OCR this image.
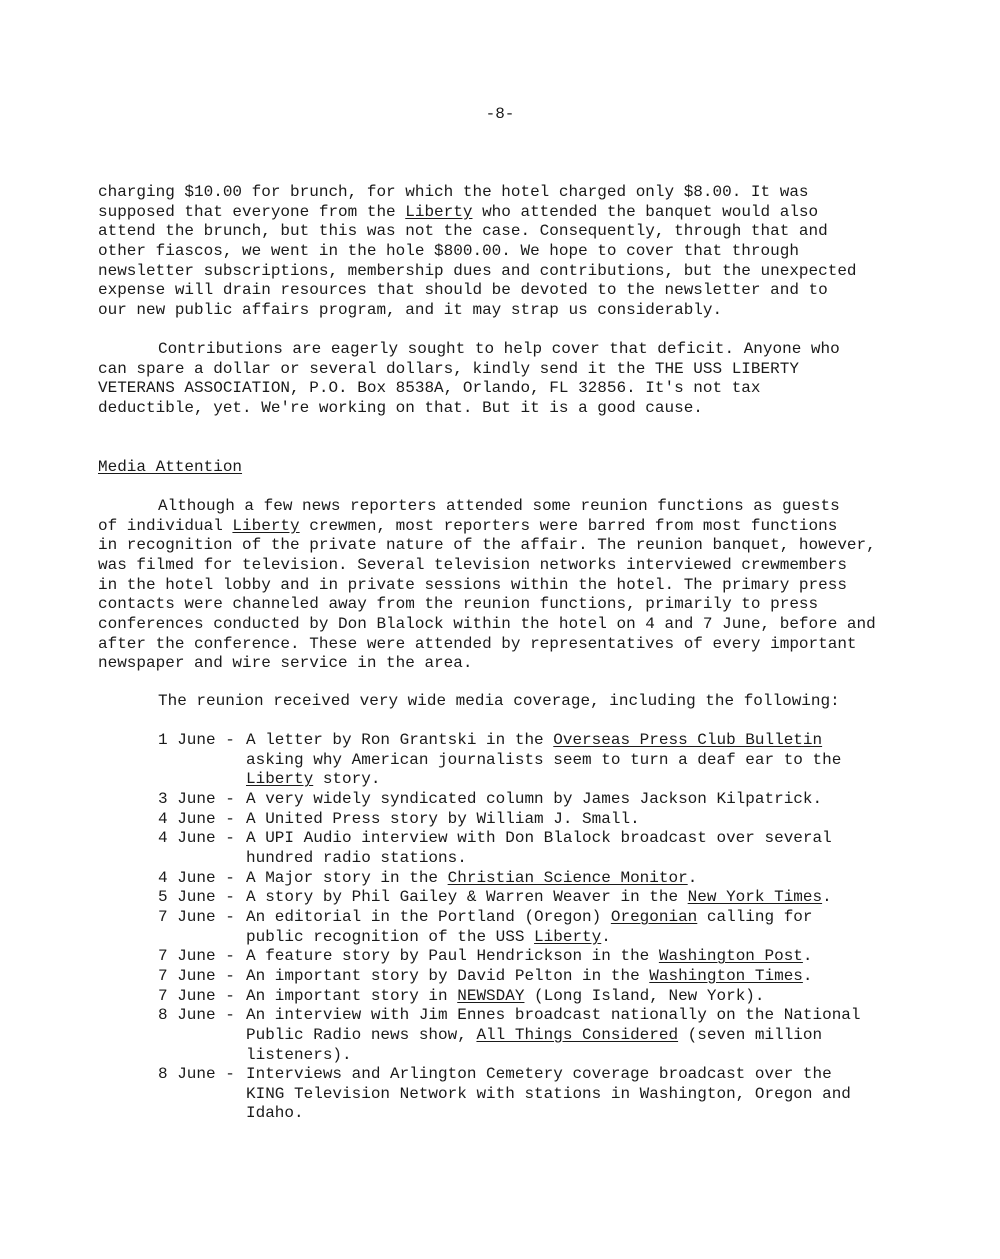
-8-
charging $10.00 for brunch, for which the hotel charged only $8.00. It was
supposed that everyone from the Liberty who attended the banquet would also
attend the brunch, but this was not the case. Consequently, through that and
other fiascos, we went in the hole $800.00. We hope to cover that through
newsletter subscriptions, membership dues and contributions, but the unexpected
expense will drain resources that should be devoted to the newsletter and to
our new public affairs program, and it may strap us considerably.
Contributions are eagerly sought to help cover that deficit. Anyone who
can spare a dollar or several dollars, kindly send it the THE USS LIBERTY
VETERANS ASSOCIATION, P.O. Box 8538A, Orlando, FL 32856. It's not tax
deductible, yet. We're working on that. But it is a good cause.
Media Attention
Although a few news reporters attended some reunion functions as guests
of individual Liberty crewmen, most reporters were barred from most functions
in recognition of the private nature of the affair. The reunion banquet, however,
was filmed for television. Several television networks interviewed crewmembers
in the hotel lobby and in private sessions within the hotel. The primary press
contacts were channeled away from the reunion functions, primarily to press
conferences conducted by Don Blalock within the hotel on 4 and 7 June, before and
after the conference. These were attended by representatives of every important
newspaper and wire service in the area.
The reunion received very wide media coverage, including the following:
1 June - A letter by Ron Grantski in the Overseas Press Club Bulletin
asking why American journalists seem to turn a deaf ear to the
Liberty story.
3 June - A very widely syndicated column by James Jackson Kilpatrick.
4 June - A United Press story by William J. Small.
4 June - A UPI Audio interview with Don Blalock broadcast over several
hundred radio stations.
4 June - A Major story in the Christian Science Monitor.
5 June - A story by Phil Gailey & Warren Weaver in the New York Times.
7 June - An editorial in the Portland (Oregon) Oregonian calling for
public recognition of the USS Liberty.
7 June - A feature story by Paul Hendrickson in the Washington Post.
7 June - An important story by David Pelton in the Washington Times.
7 June - An important story in NEWSDAY (Long Island, New York).
8 June - An interview with Jim Ennes broadcast nationally on the National
Public Radio news show, All Things Considered (seven million
listeners).
8 June - Interviews and Arlington Cemetery coverage broadcast over the
KING Television Network with stations in Washington, Oregon and
Idaho.
